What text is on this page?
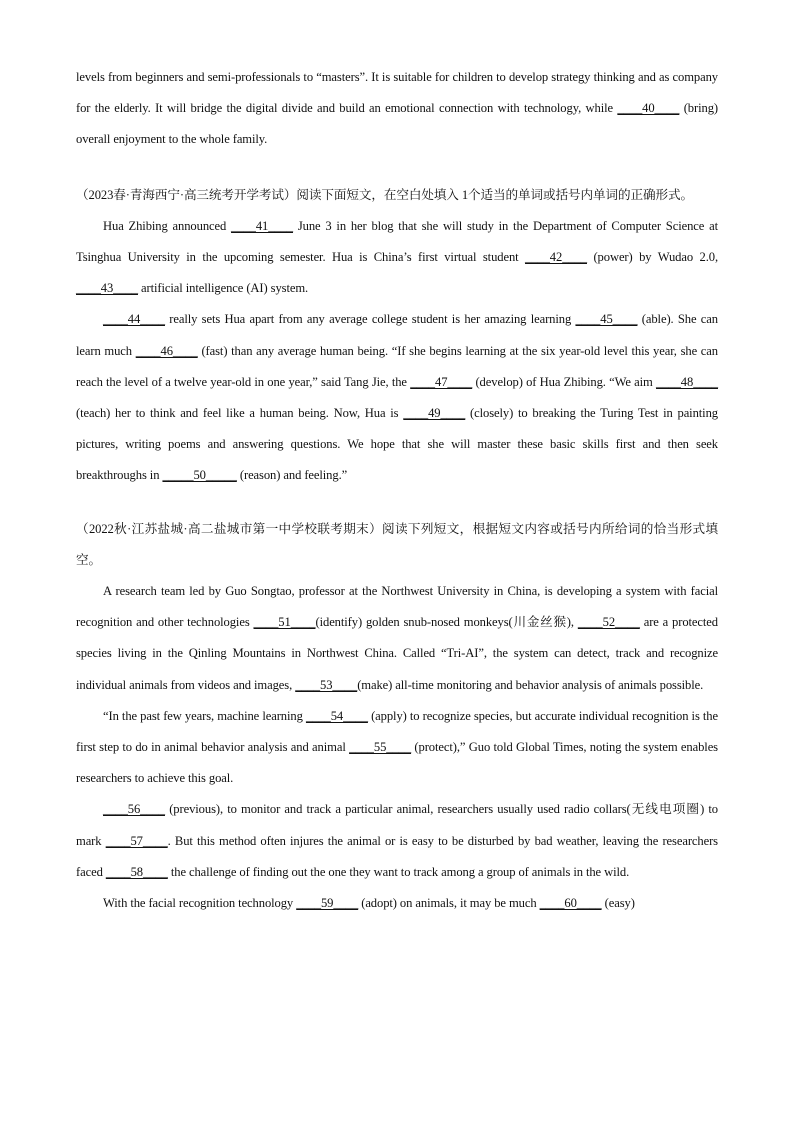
levels from beginners and semi-professionals to “masters”. It is suitable for children to develop strategy thinking and as company for the elderly. It will bridge the digital divide and build an emotional connection with technology, while ____40____ (bring) overall enjoyment to the whole family.

（2023春·青海西宁·高三统考开学考试）阅读下面短文，在空白处填入 1个适当的单词或括号内单词的正确形式。

Hua Zhibing announced ____41____ June 3 in her blog that she will study in the Department of Computer Science at Tsinghua University in the upcoming semester. Hua is China’s first virtual student ____42____ (power) by Wudao 2.0, ____43____ artificial intelligence (AI) system.

____44____ really sets Hua apart from any average college student is her amazing learning ____45____ (able). She can learn much ____46____ (fast) than any average human being. “If she begins learning at the six year-old level this year, she can reach the level of a twelve year-old in one year,” said Tang Jie, the ____47____ (develop) of Hua Zhibing. “We aim ____48____ (teach) her to think and feel like a human being. Now, Hua is ____49____ (closely) to breaking the Turing Test in painting pictures, writing poems and answering questions. We hope that she will master these basic skills first and then seek breakthroughs in _____50_____ (reason) and feeling.”

（2022秋·江苏盐城·高二盐城市第一中学校联考期末）阅读下列短文，根据短文内容或括号内所给词的恰当形式填空。

A research team led by Guo Songtao, professor at the Northwest University in China, is developing a system with facial recognition and other technologies ____51____(identify) golden snub-nosed monkeys(川金丝猴), ____52____ are a protected species living in the Qinling Mountains in Northwest China. Called “Tri-AI”, the system can detect, track and recognize individual animals from videos and images, ____53____(make) all-time monitoring and behavior analysis of animals possible.

“In the past few years, machine learning ____54____ (apply) to recognize species, but accurate individual recognition is the first step to do in animal behavior analysis and animal ____55____ (protect),” Guo told Global Times, noting the system enables researchers to achieve this goal.

____56____ (previous), to monitor and track a particular animal, researchers usually used radio collars(无线电项圈) to mark ____57____. But this method often injures the animal or is easy to be disturbed by bad weather, leaving the researchers faced ____58____ the challenge of finding out the one they want to track among a group of animals in the wild.

With the facial recognition technology ____59____ (adopt) on animals, it may be much ____60____ (easy)
